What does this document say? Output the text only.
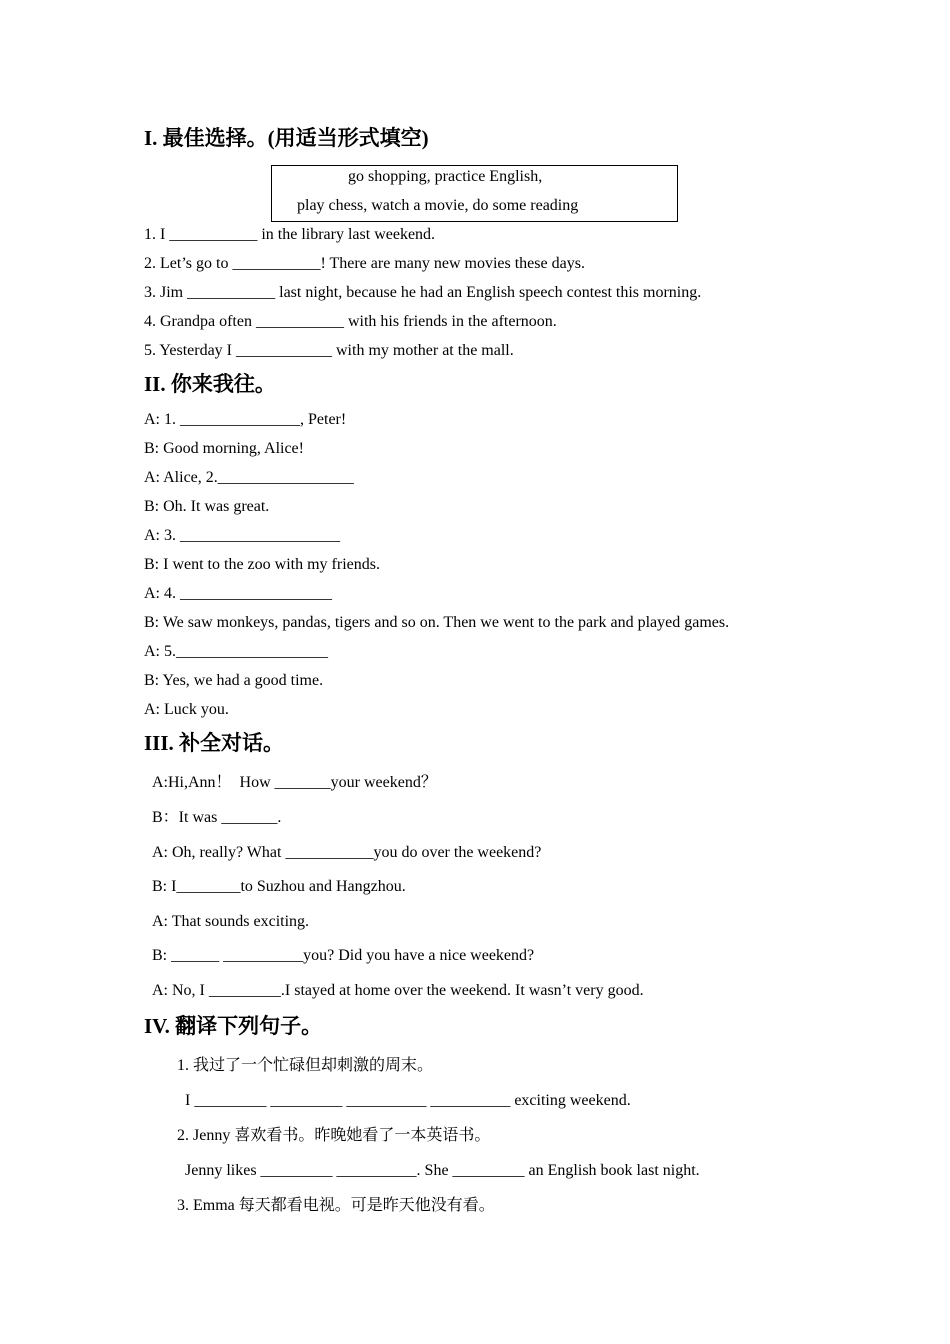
I. 最佳选择。(用适当形式填空)
go shopping, practice English,
play chess, watch a movie, do some reading
1. I ___________ in the library last weekend.
2. Let’s go to ___________! There are many new movies these days.
3. Jim ___________ last night, because he had an English speech contest this morning.
4. Grandpa often ___________ with his friends in the afternoon.
5. Yesterday I ____________ with my mother at the mall.
II. 你来我往。
A: 1. _______________, Peter!
B: Good morning, Alice!
A: Alice, 2._________________
B: Oh. It was great.
A: 3. ____________________
B: I went to the zoo with my friends.
A: 4. ___________________
B: We saw monkeys, pandas, tigers and so on. Then we went to the park and played games.
A: 5.___________________
B: Yes, we had a good time.
A: Luck you.
III. 补全对话。
A:Hi,Ann！  How _______your weekend？
B：It was _______.
A: Oh, really? What ___________you do over the weekend?
B: I________to Suzhou and Hangzhou.
A: That sounds exciting.
B: ______ __________you? Did you have a nice weekend?
A: No, I _________.I stayed at home over the weekend. It wasn’t very good.
IV. 翻译下列句子。
1. 我过了一个忙碌但却刺激的周末。
I _________ _________ __________ __________ exciting weekend.
2. Jenny 喜欢看书。昨晚她看了一本英语书。
Jenny likes _________ __________. She _________ an English book last night.
3. Emma 每天都看电视。可是昨天他没有看。
